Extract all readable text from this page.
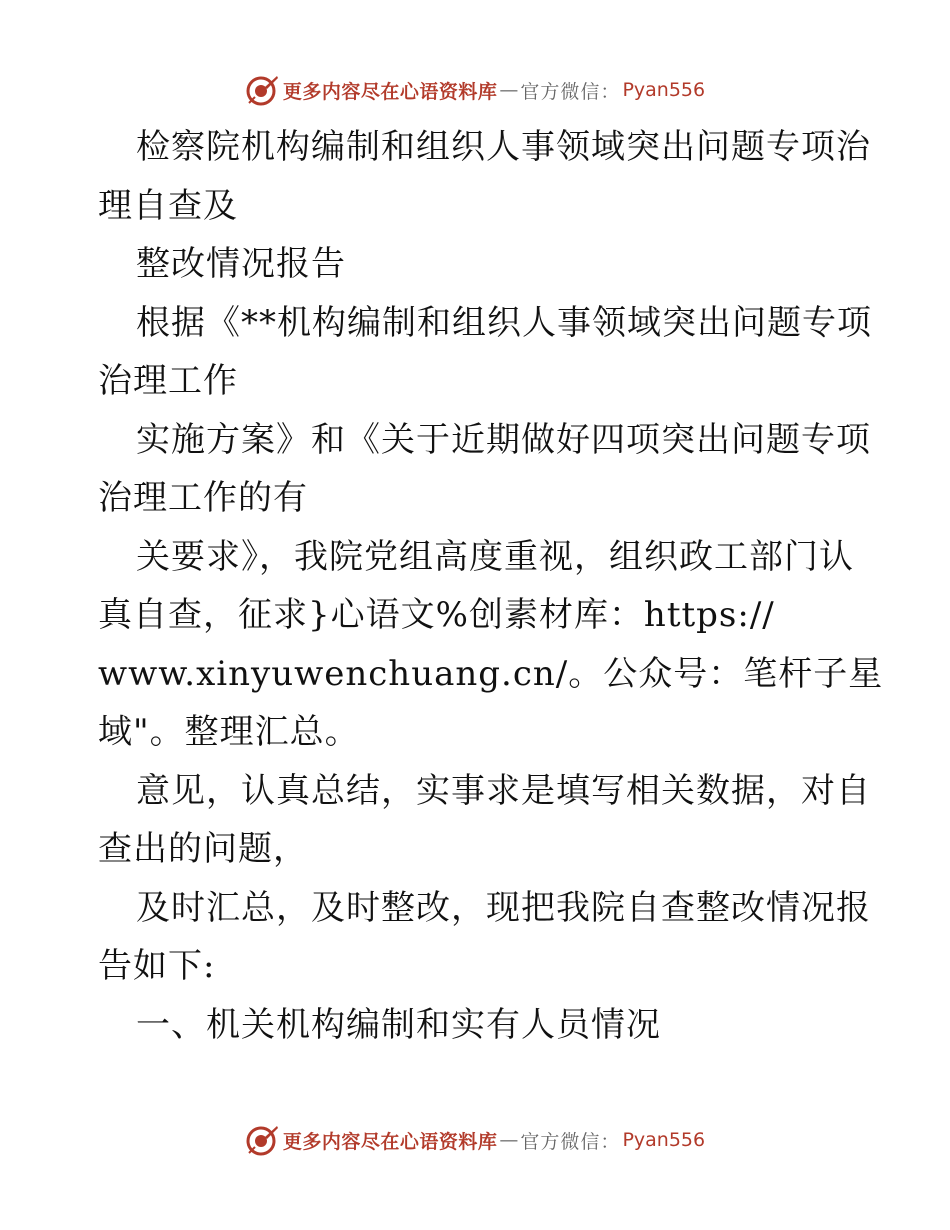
更多内容尽在心语资料库 — 官方微信： Pyan556
检察院机构编制和组织人事领域突出问题专项治
理自查及
整改情况报告
根据《**机构编制和组织人事领域突出问题专项
治理工作
实施方案》和《关于近期做好四项突出问题专项
治理工作的有
关要求》，我院党组高度重视，组织政工部门认
真自查，征求}心语文%创素材库：https://
www.xinyuwenchuang.cn/。公众号：笔杆子星
域"。整理汇总。
意见，认真总结，实事求是填写相关数据，对自
查出的问题，
及时汇总，及时整改，现把我院自查整改情况报
告如下:
一、机关机构编制和实有人员情况
更多内容尽在心语资料库 — 官方微信： Pyan556
